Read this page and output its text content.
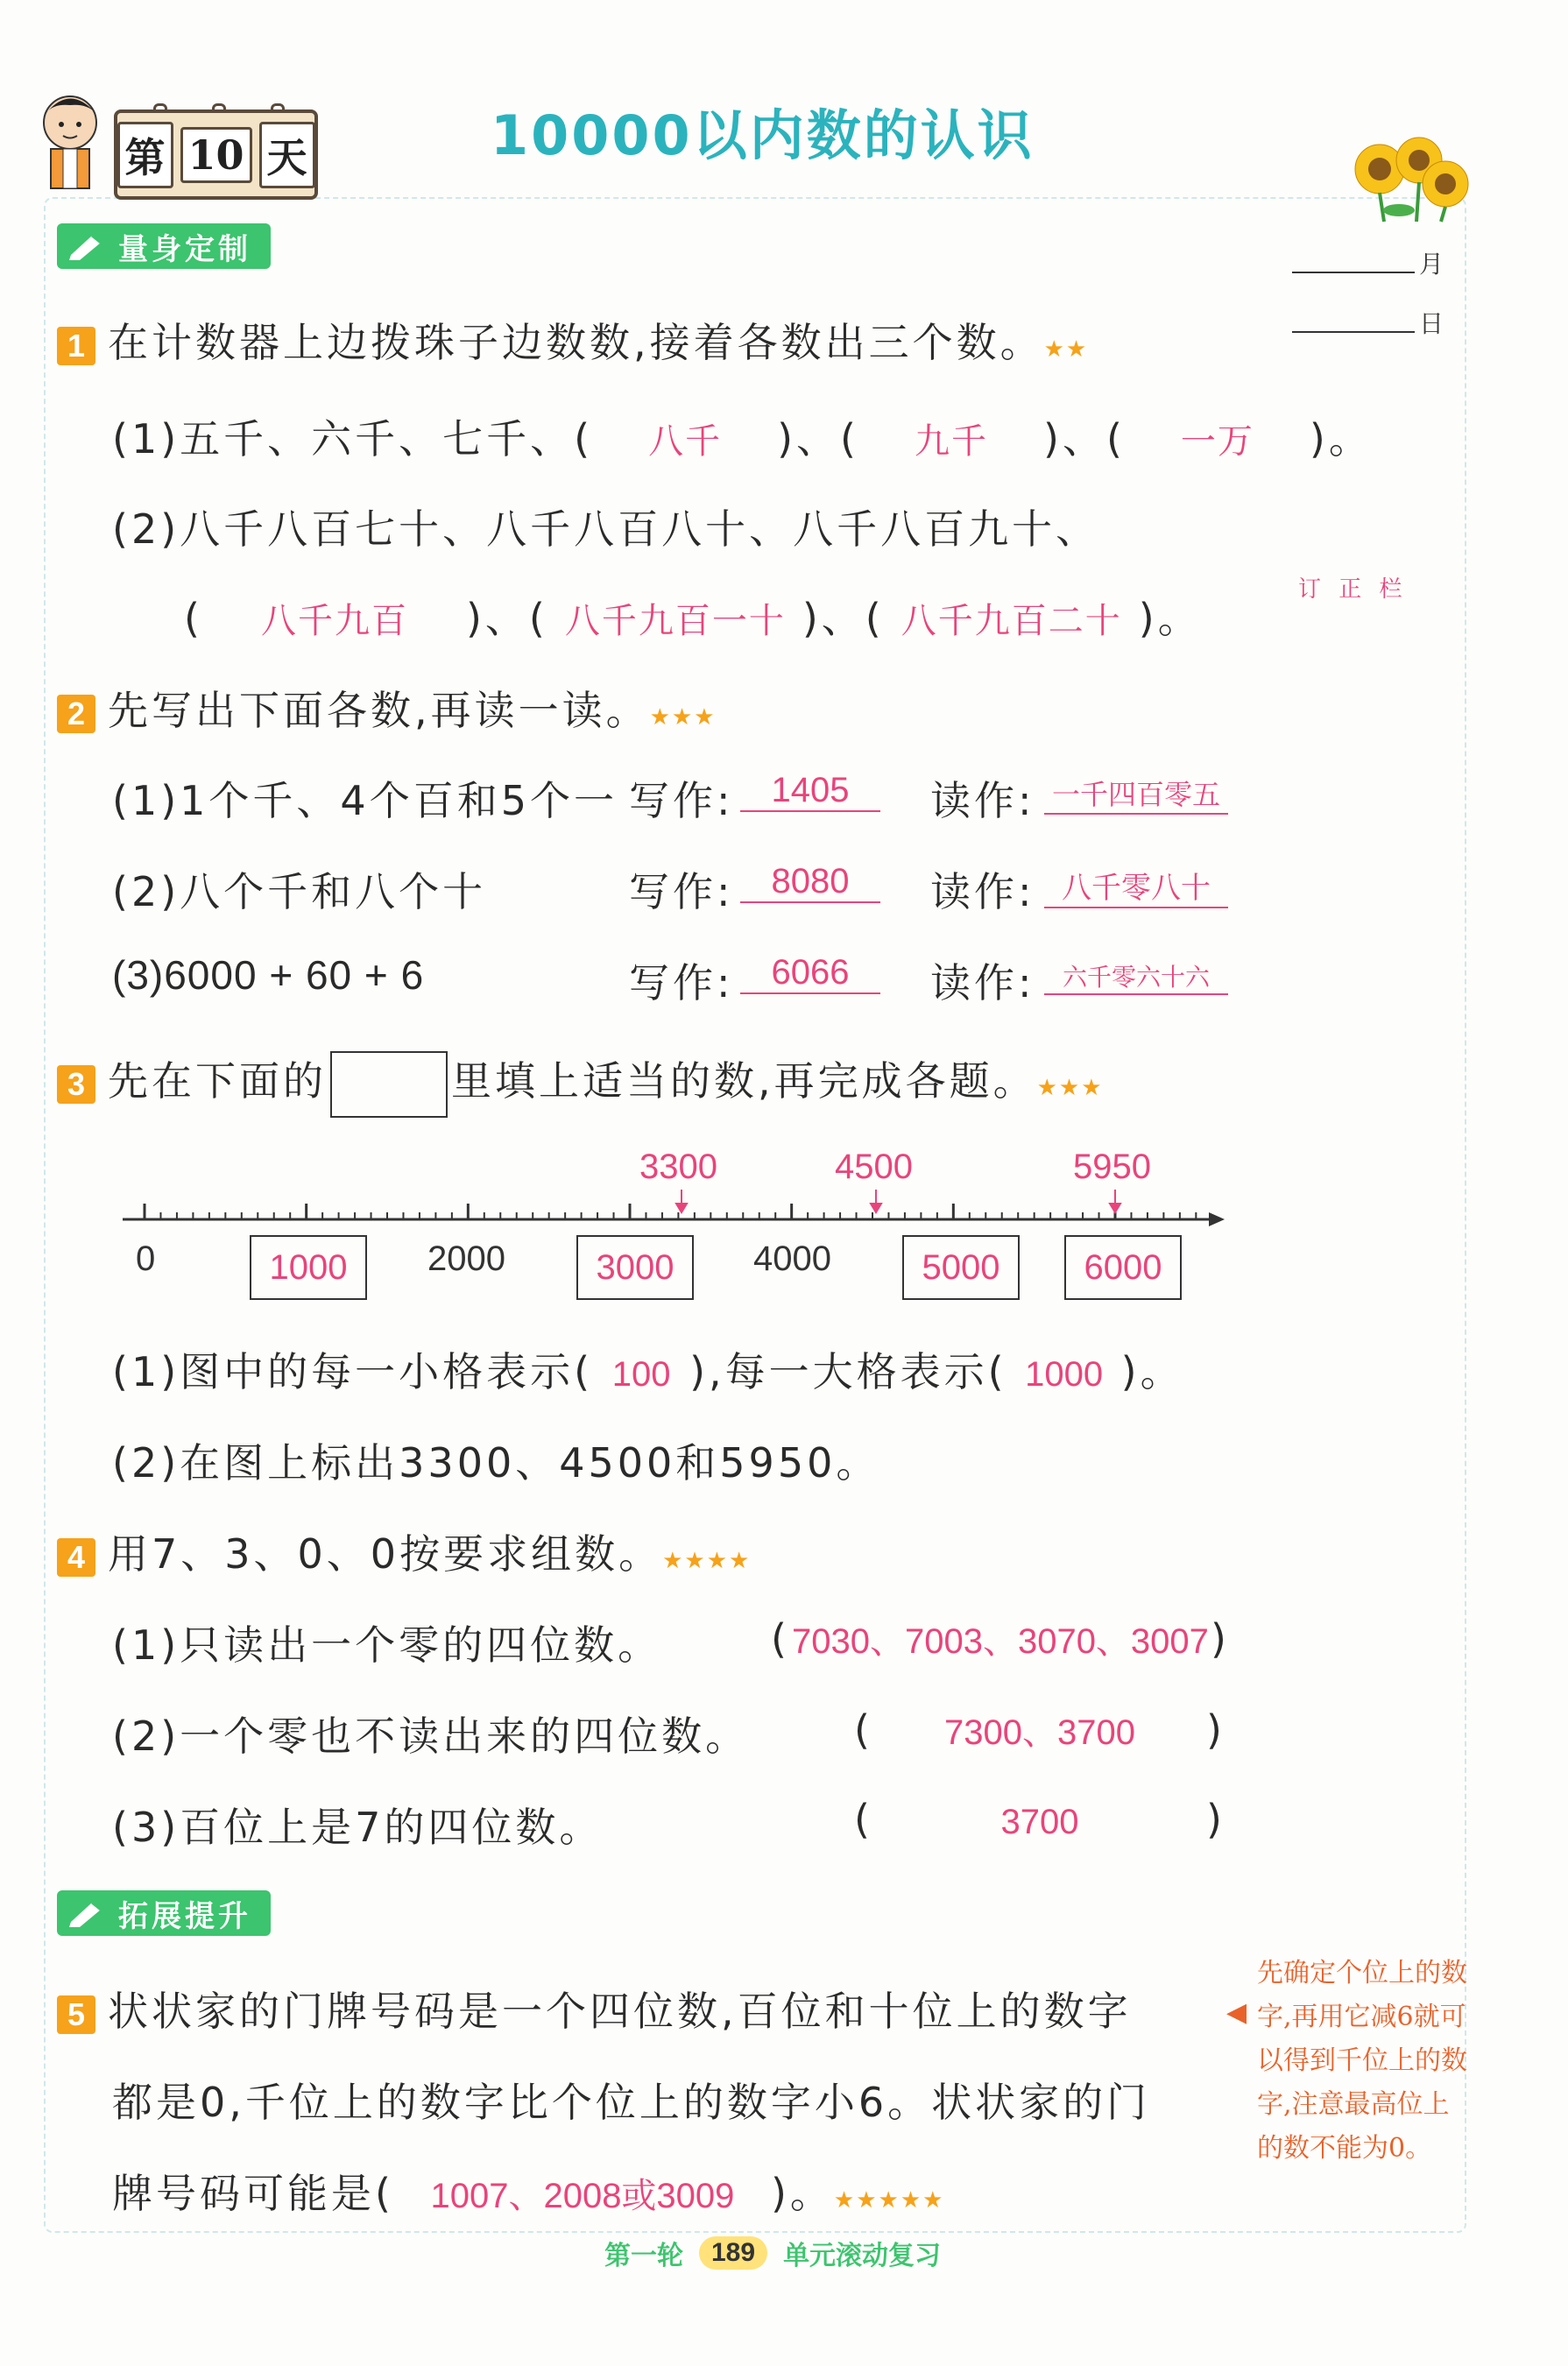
第 10 天	10000以内数的认识
月
日
订 正 栏
量身定制
1 在计数器上边拨珠子边数数,接着各数出三个数。★★
(1)五千、六千、七千、( 八千 )、( 九千 )、( 一万 )。
(2)八千八百七十、八千八百八十、八千八百九十、
( 八千九百 )、( 八千九百一十 )、( 八千九百二十 )。
2 先写出下面各数,再读一读。★★★
(1)1个千、4个百和5个一 写作:	1405	读作: 一千四百零五
(2)八个千和八个十	写作:	8080	读作: 八千零八十
(3)6000 + 60 + 6	写作:	6066	读作:	六千零六十六
3 先在下面的	里填上适当的数,再完成各题。★★★
3300	4500	5950
0	2000	4000
1000	3000	5000	6000
(1)图中的每一小格表示( 100 ),每一大格表示( 1000 )。
(2)在图上标出3300、4500和5950。
4 用7、3、0、0按要求组数。★★★★
(1)只读出一个零的四位数。	(7030、7003、3070、3007)
(2)一个零也不读出来的四位数。	( 7300、3700 )
(3)百位上是7的四位数。	(	3700	)
拓展提升
5 状状家的门牌号码是一个四位数,百位和十位上的数字
都是0,千位上的数字比个位上的数字小6。状状家的门
牌号码可能是( 1007、2008或3009 )。★★★★★
◀
先确定个位上的数字,再用它减6就可以得到千位上的数字,注意最高位上的数不能为0。
第一轮	189	单元滚动复习
